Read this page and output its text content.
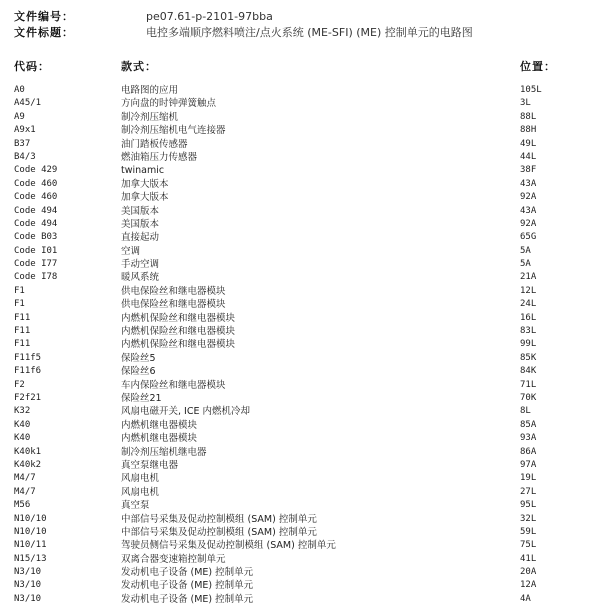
文件编号：	pe07.61-p-2101-97bba
文件标题：	电控多端顺序燃料喷注/点火系统 (ME-SFI) (ME) 控制单元的电路图
代码：	款式：	位置：
A0	电路图的应用	105L
A45/1	方向盘的时钟弹簧触点	3L
A9	制冷剂压缩机	88L
A9x1	制冷剂压缩机电气连接器	88H
B37	油门踏板传感器	49L
B4/3	燃油箱压力传感器	44L
Code 429	twinamic	38F
Code 460	加拿大版本	43A
Code 460	加拿大版本	92A
Code 494	美国版本	43A
Code 494	美国版本	92A
Code B03	直接起动	65G
Code I01	空调	5A
Code I77	手动空调	5A
Code I78	暖风系统	21A
F1	供电保险丝和继电器模块	12L
F1	供电保险丝和继电器模块	24L
F11	内燃机保险丝和继电器模块	16L
F11	内燃机保险丝和继电器模块	83L
F11	内燃机保险丝和继电器模块	99L
F11f5	保险丝5	85K
F11f6	保险丝6	84K
F2	车内保险丝和继电器模块	71L
F2f21	保险丝21	70K
K32	风扇电磁开关, ICE 内燃机冷却	8L
K40	内燃机继电器模块	85A
K40	内燃机继电器模块	93A
K40k1	制冷剂压缩机继电器	86A
K40k2	真空泵继电器	97A
M4/7	风扇电机	19L
M4/7	风扇电机	27L
M56	真空泵	95L
N10/10	中部信号采集及促动控制模组 (SAM) 控制单元	32L
N10/10	中部信号采集及促动控制模组 (SAM) 控制单元	59L
N10/11	驾驶员侧信号采集及促动控制模组 (SAM) 控制单元	75L
N15/13	双离合器变速箱控制单元	41L
N3/10	发动机电子设备 (ME) 控制单元	20A
N3/10	发动机电子设备 (ME) 控制单元	12A
N3/10	发动机电子设备 (ME) 控制单元	4A
